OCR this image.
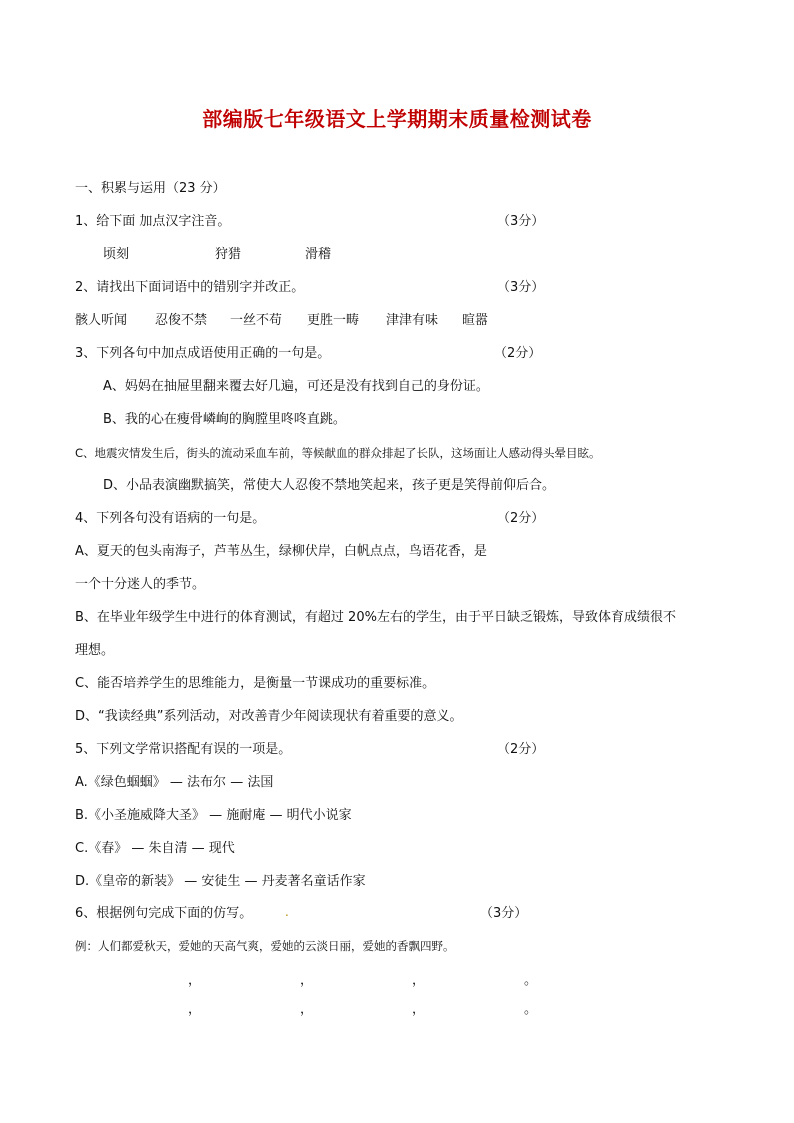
部编版七年级语文上学期期末质量检测试卷
一、积累与运用（23 分）
1、给下面 加点汉字注音。	（3分）
顷刻	狩猎	滑稽
2、请找出下面词语中的错别字并改正。	（3分）
骸人听闻 忍俊不禁 一丝不苟 更胜一畴 津津有味 暄嚣
3、下列各句中加点成语使用正确的一句是。	（2分）
A、妈妈在抽屉里翻来覆去好几遍，可还是没有找到自己的身份证。
B、我的心在瘦骨嶙峋的胸膛里咚咚直跳。
C、地震灾情发生后，街头的流动采血车前，等候献血的群众排起了长队，这场面让人感动得头晕目眩。
D、小品表演幽默搞笑，常使大人忍俊不禁地笑起来，孩子更是笑得前仰后合。
4、下列各句没有语病的一句是。	（2分）
A、夏天的包头南海子，芦苇丛生，绿柳伏岸，白帆点点，鸟语花香，是
一个十分迷人的季节。
B、在毕业年级学生中进行的体育测试，有超过 20%左右的学生，由于平日缺乏锻炼，导致体育成绩很不
理想。
C、能否培养学生的思维能力，是衡量一节课成功的重要标准。
D、“我读经典”系列活动，对改善青少年阅读现状有着重要的意义。
5、下列文学常识搭配有误的一项是。	（2分）
A.《绿色蝈蝈》 — 法布尔 — 法国
B.《小圣施威降大圣》 — 施耐庵 — 明代小说家
C.《春》 — 朱自清 — 现代
D.《皇帝的新装》 — 安徒生 — 丹麦著名童话作家
6、根据例句完成下面的仿写。	.	（3分）
例：人们都爱秋天，爱她的天高气爽，爱她的云淡日丽，爱她的香飘四野。
，	，	，	。
，	，	，	。
